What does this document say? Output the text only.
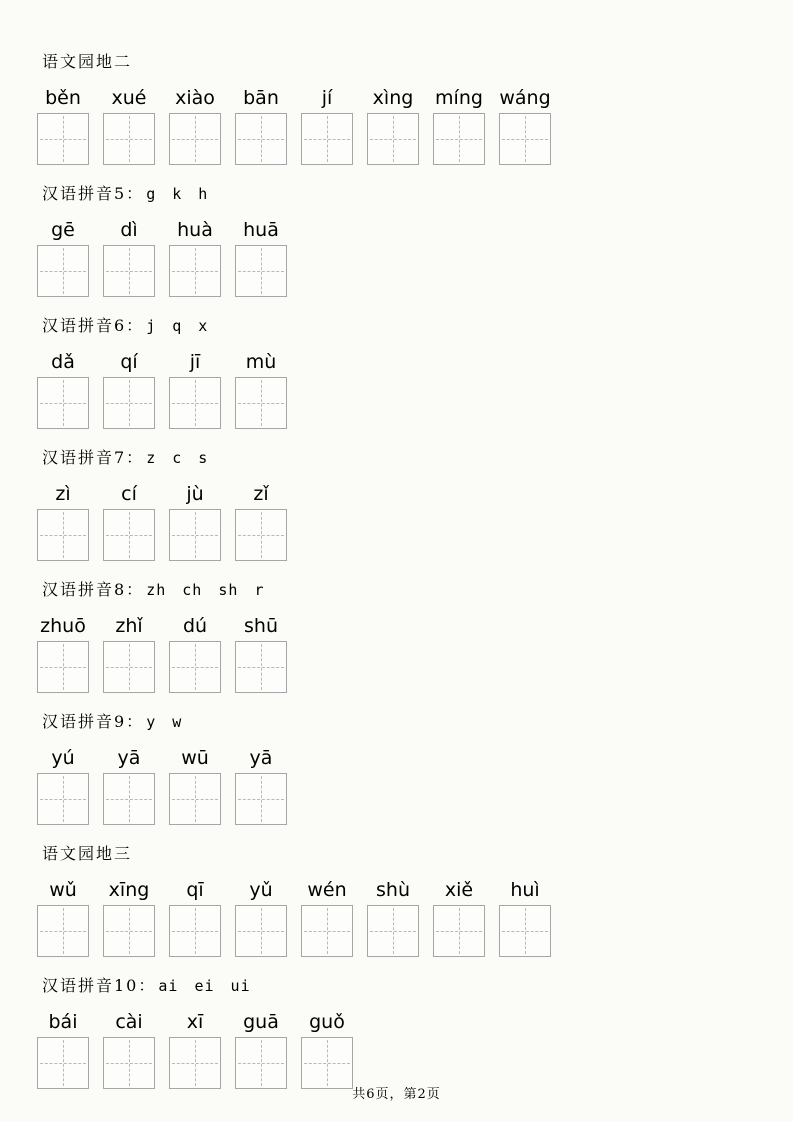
语文园地二
běn	xué	xiào	bān	jí	xìng míng wáng
汉语拼音5： g k h
gē	dì	huà	huā
汉语拼音6： j q x
dǎ	qí	jī	mù
汉语拼音7： z c s
zì	cí	jù	zǐ
汉语拼音8： zh ch sh r
zhuō	zhǐ	dú	shū
汉语拼音9： y w
yú	yā	wū	yā
语文园地三
wǔ	xīng	qī	yǔ	wén	shù	xiě	huì
汉语拼音10： ai ei ui
bái	cài	xī	guā	guǒ
共6页，第2页
